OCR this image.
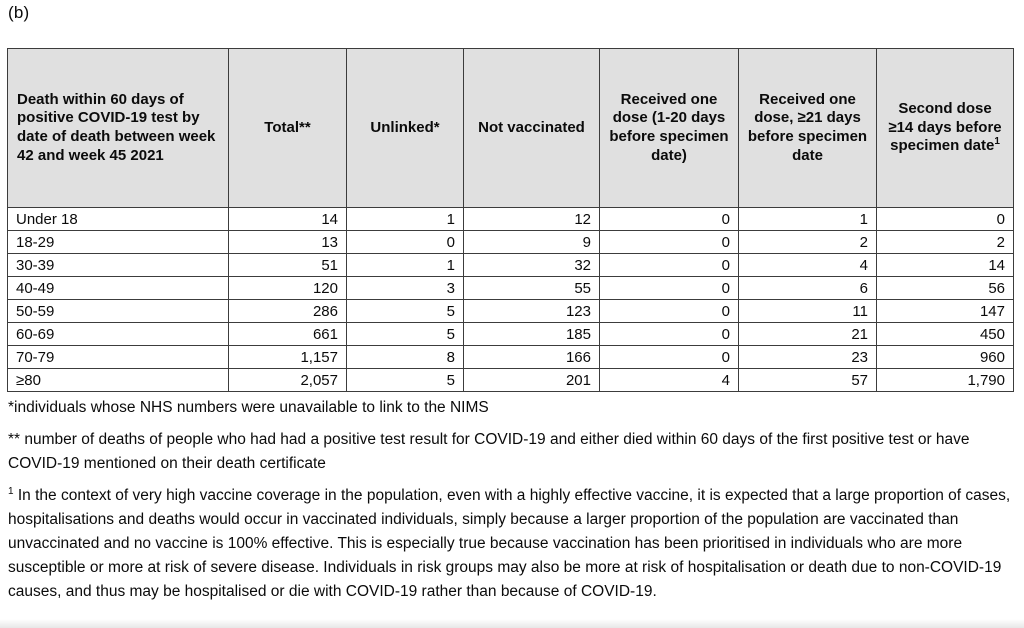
(b)
Death within 60 days of positive COVID-19 test by date of death between week 42 and week 45 2021	Total**	Unlinked*	Not vaccinated	Received one dose (1-20 days before specimen date)	Received one dose, ≥21 days before specimen date	Second dose ≥14 days before specimen date$^1$
Under 18	14	1	12	0	1	0
18-29	13	0	9	0	2	2
30-39	51	1	32	0	4	14
40-49	120	3	55	0	6	56
50-59	286	5	123	0	11	147
60-69	661	5	185	0	21	450
70-79	1,157	8	166	0	23	960
≥80	2,057	5	201	4	57	1,790

*individuals whose NHS numbers were unavailable to link to the NIMS

** number of deaths of people who had had a positive test result for COVID-19 and either died within 60 days of the first positive test or have COVID-19 mentioned on their death certificate

$^1$ In the context of very high vaccine coverage in the population, even with a highly effective vaccine, it is expected that a large proportion of cases, hospitalisations and deaths would occur in vaccinated individuals, simply because a larger proportion of the population are vaccinated than unvaccinated and no vaccine is 100% effective. This is especially true because vaccination has been prioritised in individuals who are more susceptible or more at risk of severe disease. Individuals in risk groups may also be more at risk of hospitalisation or death due to non-COVID-19 causes, and thus may be hospitalised or die with COVID-19 rather than because of COVID-19.
